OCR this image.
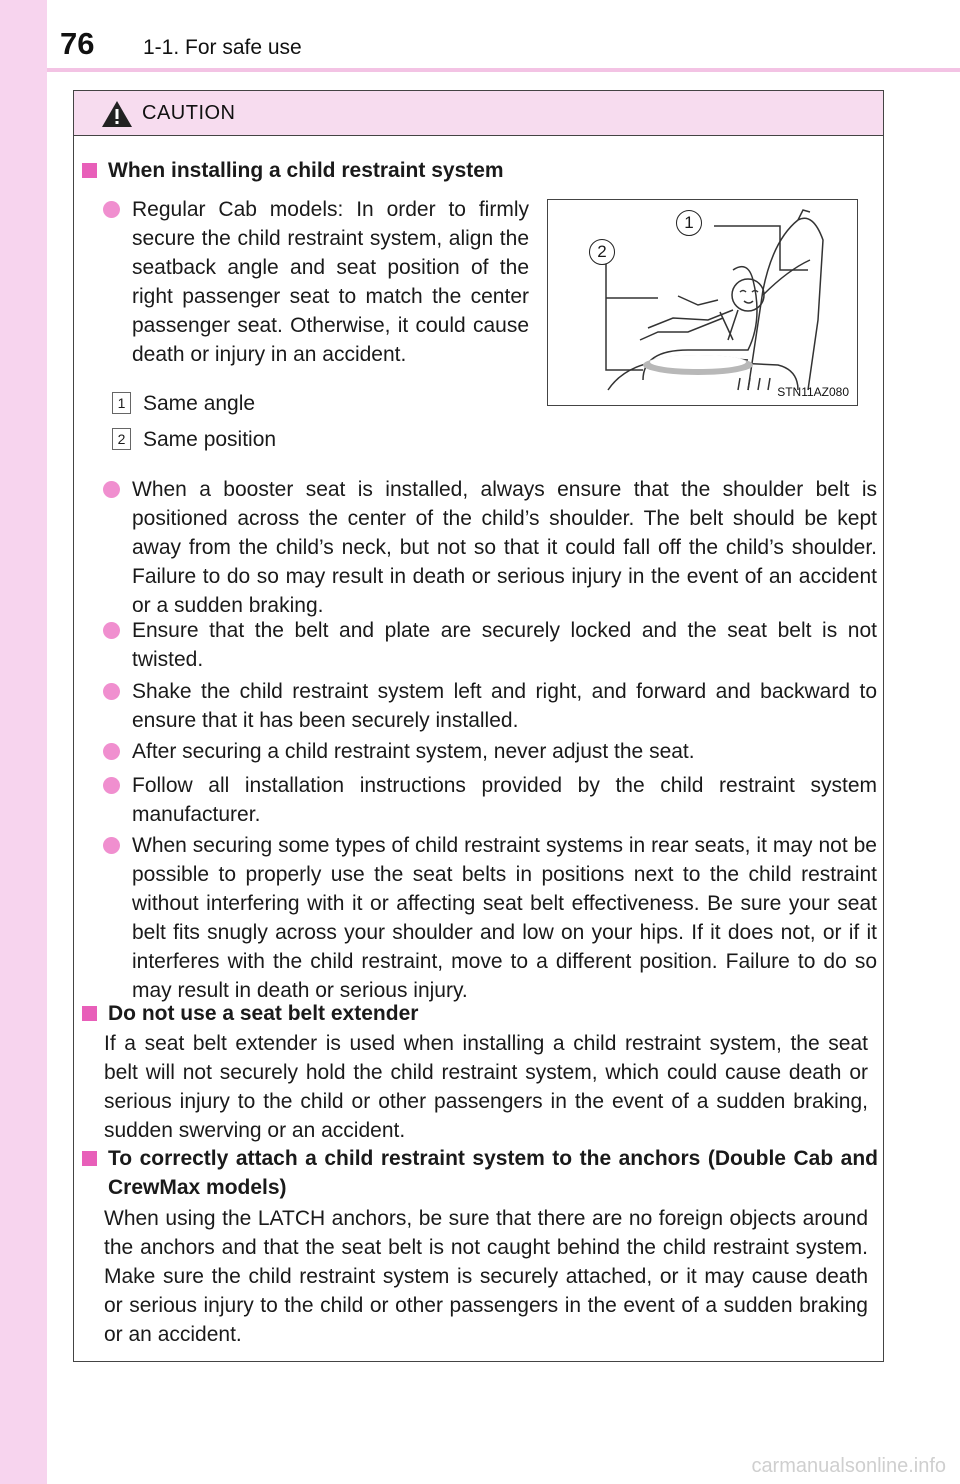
76 1-1. For safe use
CAUTION
When installing a child restraint system
Regular Cab models: In order to firmly secure the child restraint system, align the seatback angle and seat position of the right passenger seat to match the center passenger seat. Otherwise, it could cause death or injury in an accident.
1 Same angle
2 Same position
1
2
STN11AZ080
When a booster seat is installed, always ensure that the shoulder belt is positioned across the center of the child’s shoulder. The belt should be kept away from the child’s neck, but not so that it could fall off the child’s shoulder. Failure to do so may result in death or serious injury in the event of an accident or a sudden braking.
Ensure that the belt and plate are securely locked and the seat belt is not twisted.
Shake the child restraint system left and right, and forward and backward to ensure that it has been securely installed.
After securing a child restraint system, never adjust the seat.
Follow all installation instructions provided by the child restraint system manufacturer.
When securing some types of child restraint systems in rear seats, it may not be possible to properly use the seat belts in positions next to the child restraint without interfering with it or affecting seat belt effectiveness. Be sure your seat belt fits snugly across your shoulder and low on your hips. If it does not, or if it interferes with the child restraint, move to a different position. Failure to do so may result in death or serious injury.
Do not use a seat belt extender
If a seat belt extender is used when installing a child restraint system, the seat belt will not securely hold the child restraint system, which could cause death or serious injury to the child or other passengers in the event of a sudden braking, sudden swerving or an accident.
To correctly attach a child restraint system to the anchors (Double Cab and CrewMax models)
When using the LATCH anchors, be sure that there are no foreign objects around the anchors and that the seat belt is not caught behind the child restraint system. Make sure the child restraint system is securely attached, or it may cause death or serious injury to the child or other passengers in the event of a sudden braking or an accident.
carmanualsonline.info
